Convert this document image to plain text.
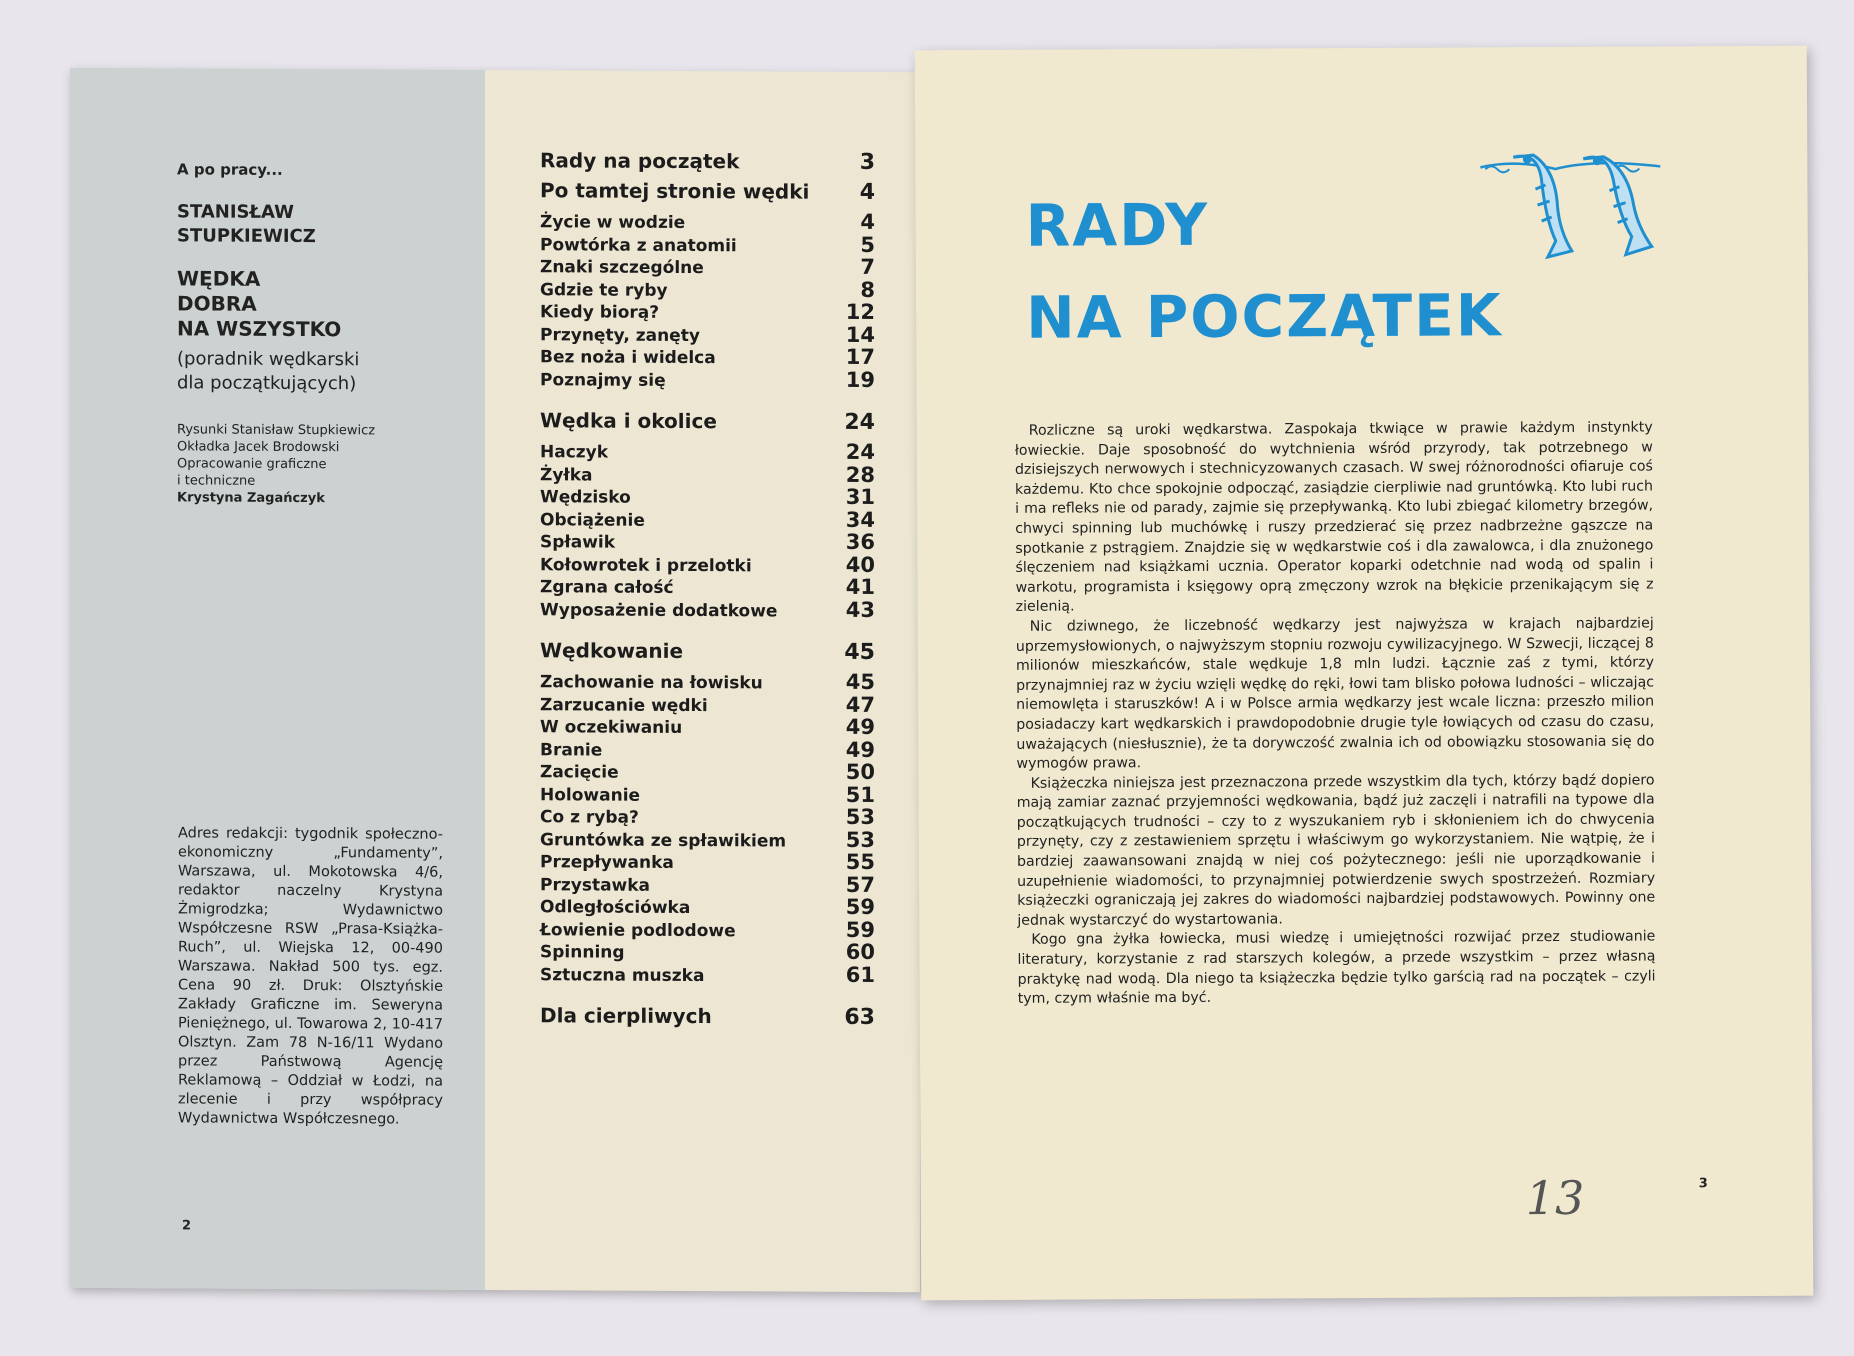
A po pracy...
STANISŁAW
STUPKIEWICZ
WĘDKA
DOBRA
NA WSZYSTKO
(poradnik wędkarski
dla początkujących)
Rysunki Stanisław Stupkiewicz
Okładka Jacek Brodowski
Opracowanie graficzne
i techniczne
Krystyna Zagańczyk
Adres redakcji: tygodnik społeczno-ekonomiczny „Fundamenty”, Warszawa, ul. Mokotowska 4/6, redaktor naczelny Krystyna Żmigrodzka; Wydawnictwo Współczesne RSW „Prasa-Książka-Ruch”, ul. Wiejska 12, 00-490 Warszawa. Nakład 500 tys. egz. Cena 90 zł. Druk: Olsztyńskie Zakłady Graficzne im. Seweryna Pieniężnego, ul. Towarowa 2, 10-417 Olsztyn. Zam 78 N-16/11 Wydano przez Państwową Agencję Reklamową – Oddział w Łodzi, na zlecenie i przy współpracy Wydawnictwa Współczesnego.
2
Rady na początek	3
Po tamtej stronie wędki 4
Życie w wodzie	4
Powtórka z anatomii	5
Znaki szczególne	7
Gdzie te ryby	8
Kiedy biorą?	12
Przynęty, zanęty	14
Bez noża i widelca	17
Poznajmy się	19
Wędka i okolice	24
Haczyk	24
Żyłka	28
Wędzisko	31
Obciążenie	34
Spławik	36
Kołowrotek i przelotki	40
Zgrana całość	41
Wyposażenie dodatkowe	43
Wędkowanie	45
Zachowanie na łowisku	45
Zarzucanie wędki	47
W oczekiwaniu	49
Branie	49
Zacięcie	50
Holowanie	51
Co z rybą?	53
Gruntówka ze spławikiem	53
Przepływanka	55
Przystawka	57
Odległościówka	59
Łowienie podlodowe	59
Spinning	60
Sztuczna muszka	61
Dla cierpliwych	63
RADY
NA POCZĄTEK

Rozliczne są uroki wędkarstwa. Zaspokaja tkwiące w prawie każdym instynkty łowieckie. Daje sposobność do wytchnienia wśród przyrody, tak potrzebnego w dzisiejszych nerwowych i stechnicyzowanych czasach. W swej różnorodności ofiaruje coś każdemu. Kto chce spokojnie odpocząć, zasiądzie cierpliwie nad gruntówką. Kto lubi ruch i ma refleks nie od parady, zajmie się przepływanką. Kto lubi zbiegać kilometry brzegów, chwyci spinning lub muchówkę i ruszy przedzierać się przez nadbrzeżne gąszcze na spotkanie z pstrągiem. Znajdzie się w wędkarstwie coś i dla zawalowca, i dla znużonego ślęczeniem nad książkami ucznia. Operator koparki odetchnie nad wodą od spalin i warkotu, programista i księgowy oprą zmęczony wzrok na błękicie przenikającym się z zielenią.

Nic dziwnego, że liczebność wędkarzy jest najwyższa w krajach najbardziej uprzemysłowionych, o najwyższym stopniu rozwoju cywilizacyjnego. W Szwecji, liczącej 8 milionów mieszkańców, stale wędkuje 1,8 mln ludzi. Łącznie zaś z tymi, którzy przynajmniej raz w życiu wzięli wędkę do ręki, łowi tam blisko połowa ludności – wliczając niemowlęta i staruszków! A i w Polsce armia wędkarzy jest wcale liczna: przeszło milion posiadaczy kart wędkarskich i prawdopodobnie drugie tyle łowiących od czasu do czasu, uważających (niesłusznie), że ta dorywczość zwalnia ich od obowiązku stosowania się do wymogów prawa.

Książeczka niniejsza jest przeznaczona przede wszystkim dla tych, którzy bądź dopiero mają zamiar zaznać przyjemności wędkowania, bądź już zaczęli i natrafili na typowe dla początkujących trudności – czy to z wyszukaniem ryb i skłonieniem ich do chwycenia przynęty, czy z zestawieniem sprzętu i właściwym go wykorzystaniem. Nie wątpię, że i bardziej zaawansowani znajdą w niej coś pożytecznego: jeśli nie uporządkowanie i uzupełnienie wiadomości, to przynajmniej potwierdzenie swych spostrzeżeń. Rozmiary książeczki ograniczają jej zakres do wiadomości najbardziej podstawowych. Powinny one jednak wystarczyć do wystartowania.

Kogo gna żyłka łowiecka, musi wiedzę i umiejętności rozwijać przez studiowanie literatury, korzystanie z rad starszych kolegów, a przede wszystkim – przez własną praktykę nad wodą. Dla niego ta książeczka będzie tylko garścią rad na początek – czyli tym, czym właśnie ma być.

13	3
